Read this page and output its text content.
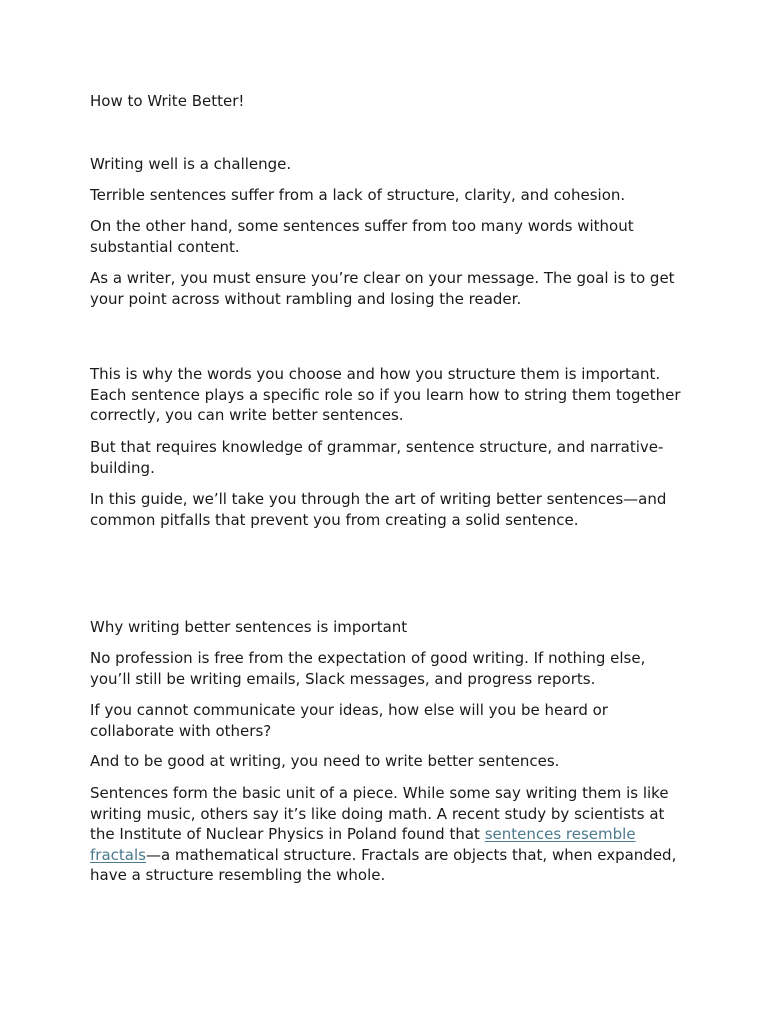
How to Write Better!

Writing well is a challenge.

Terrible sentences suffer from a lack of structure, clarity, and cohesion.

On the other hand, some sentences suffer from too many words without substantial content.

As a writer, you must ensure you’re clear on your message. The goal is to get your point across without rambling and losing the reader.

This is why the words you choose and how you structure them is important. Each sentence plays a specific role so if you learn how to string them together correctly, you can write better sentences.

But that requires knowledge of grammar, sentence structure, and narrative-building.

In this guide, we’ll take you through the art of writing better sentences—and common pitfalls that prevent you from creating a solid sentence.

Why writing better sentences is important

No profession is free from the expectation of good writing. If nothing else, you’ll still be writing emails, Slack messages, and progress reports.

If you cannot communicate your ideas, how else will you be heard or collaborate with others?

And to be good at writing, you need to write better sentences.

Sentences form the basic unit of a piece. While some say writing them is like writing music, others say it’s like doing math. A recent study by scientists at the Institute of Nuclear Physics in Poland found that sentences resemble fractals—a mathematical structure. Fractals are objects that, when expanded, have a structure resembling the whole.
